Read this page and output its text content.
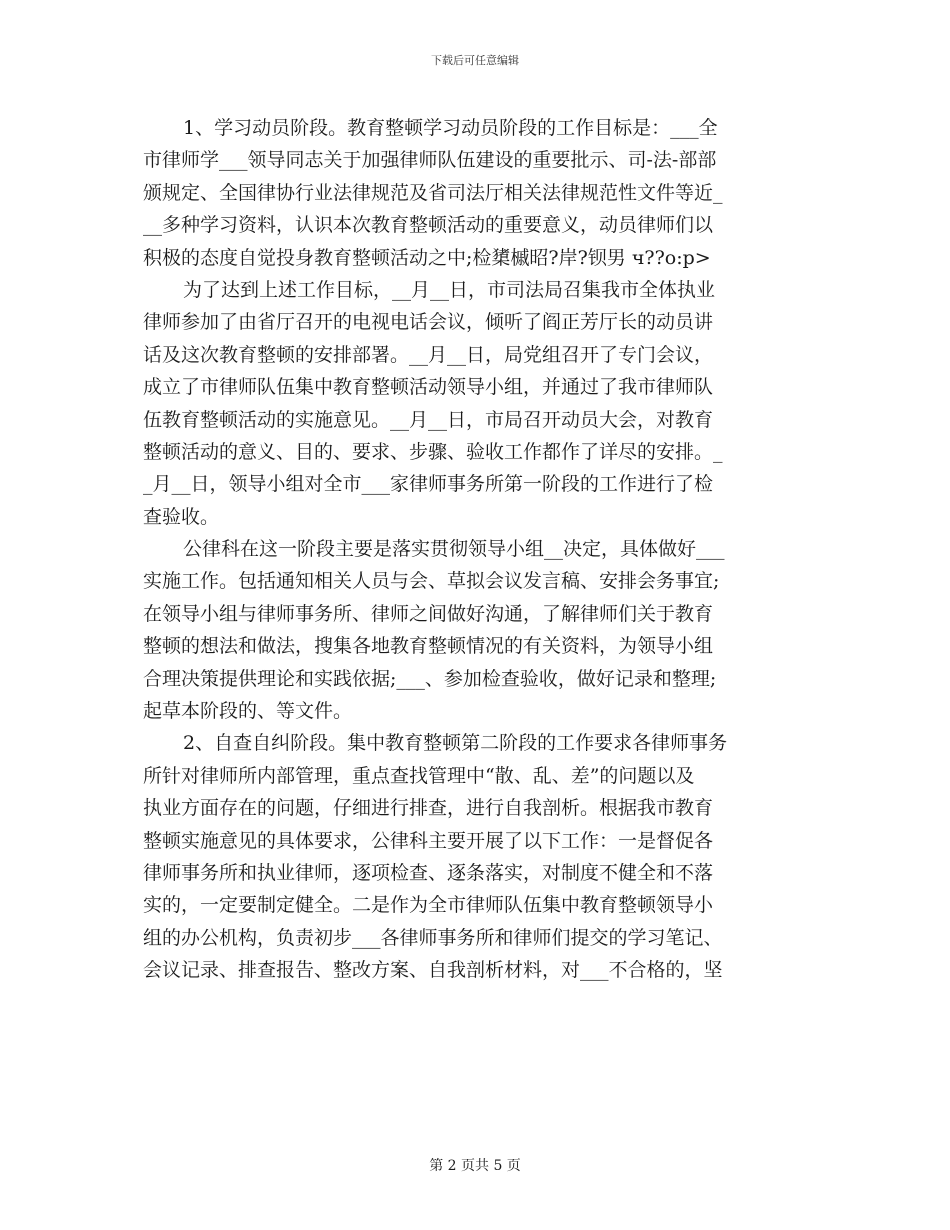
下载后可任意编辑
1、学习动员阶段。教育整顿学习动员阶段的工作目标是：___全
市律师学___领导同志关于加强律师队伍建设的重要批示、司-法-部部
颁规定、全国律协行业法律规范及省司法厅相关法律规范性文件等近_
__多种学习资料，认识本次教育整顿活动的重要意义，动员律师们以
积极的态度自觉投身教育整顿活动之中;检橥槭昭?岸?钡男 ч??o:p>
为了达到上述工作目标，__月__日，市司法局召集我市全体执业
律师参加了由省厅召开的电视电话会议，倾听了阎正芳厅长的动员讲
话及这次教育整顿的安排部署。__月__日，局党组召开了专门会议，
成立了市律师队伍集中教育整顿活动领导小组，并通过了我市律师队
伍教育整顿活动的实施意见。__月__日，市局召开动员大会，对教育
整顿活动的意义、目的、要求、步骤、验收工作都作了详尽的安排。_
_月__日，领导小组对全市___家律师事务所第一阶段的工作进行了检
查验收。
公律科在这一阶段主要是落实贯彻领导小组__决定，具体做好___
实施工作。包括通知相关人员与会、草拟会议发言稿、安排会务事宜;
在领导小组与律师事务所、律师之间做好沟通，了解律师们关于教育
整顿的想法和做法，搜集各地教育整顿情况的有关资料，为领导小组
合理决策提供理论和实践依据;___、参加检查验收，做好记录和整理;
起草本阶段的、等文件。
2、自查自纠阶段。集中教育整顿第二阶段的工作要求各律师事务
所针对律师所内部管理，重点查找管理中“散、乱、差”的问题以及
执业方面存在的问题，仔细进行排查，进行自我剖析。根据我市教育
整顿实施意见的具体要求，公律科主要开展了以下工作：一是督促各
律师事务所和执业律师，逐项检查、逐条落实，对制度不健全和不落
实的，一定要制定健全。二是作为全市律师队伍集中教育整顿领导小
组的办公机构，负责初步___各律师事务所和律师们提交的学习笔记、
会议记录、排查报告、整改方案、自我剖析材料，对___不合格的，坚
第 2 页共 5 页
